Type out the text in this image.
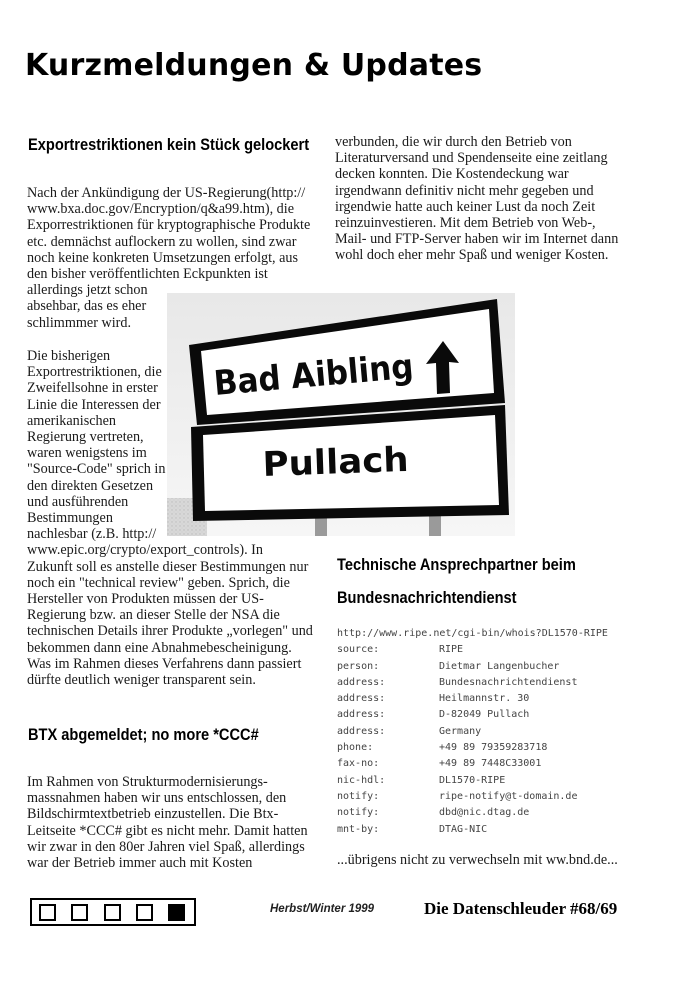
Kurzmeldungen & Updates
Exportrestriktionen kein Stück gelockert
Nach der Ankündigung der US-Regierung(http://
www.bxa.doc.gov/Encryption/q&a99.htm), die
Exporrestriktionen für kryptographische Produkte
etc. demnächst auflockern zu wollen, sind zwar
noch keine konkreten Umsetzungen erfolgt, aus
den bisher veröffentlichten Eckpunkten ist
allerdings jetzt schon
absehbar, das es eher
schlimmmer wird.
Die bisherigen
Exportrestriktionen, die
Zweifellsohne in erster
Linie die Interessen der
amerikanischen
Regierung vertreten,
waren wenigstens im
"Source-Code" sprich in
den direkten Gesetzen
und ausführenden
Bestimmungen
nachlesbar (z.B. http://
www.epic.org/crypto/export_controls). In
Zukunft soll es anstelle dieser Bestimmungen nur
noch ein "technical review" geben. Sprich, die
Hersteller von Produkten müssen der US-
Regierung bzw. an dieser Stelle der NSA die
technischen Details ihrer Produkte „vorlegen" und
bekommen dann eine Abnahmebescheinigung.
Was im Rahmen dieses Verfahrens dann passiert
dürfte deutlich weniger transparent sein.
BTX abgemeldet; no more *CCC#
Im Rahmen von Strukturmodernisierungs-
massnahmen haben wir uns entschlossen, den
Bildschirmtextbetrieb einzustellen. Die Btx-
Leitseite *CCC# gibt es nicht mehr. Damit hatten
wir zwar in den 80er Jahren viel Spaß, allerdings
war der Betrieb immer auch mit Kosten
verbunden, die wir durch den Betrieb von
Literaturversand und Spendenseite eine zeitlang
decken konnten. Die Kostendeckung war
irgendwann definitiv nicht mehr gegeben und
irgendwie hatte auch keiner Lust da noch Zeit
reinzuinvestieren. Mit dem Betrieb von Web-,
Mail- und FTP-Server haben wir im Internet dann
wohl doch eher mehr Spaß und weniger Kosten.
Bad Aibling
Pullach
Technische Ansprechpartner beim
Bundesnachrichtendienst
http://www.ripe.net/cgi-bin/whois?DL1570-RIPE
source:	RIPE
person:	Dietmar Langenbucher
address:	Bundesnachrichtendienst
address:	Heilmannstr. 30
address:	D-82049 Pullach
address:	Germany
phone:	+49 89 79359283718
fax-no:	+49 89 7448C33001
nic-hdl:	DL1570-RIPE
notify:	ripe-notify@t-domain.de
notify:	dbd@nic.dtag.de
mnt-by:	DTAG-NIC
...übrigens nicht zu verwechseln mit ww.bnd.de...
Herbst/Winter 1999	Die Datenschleuder #68/69
